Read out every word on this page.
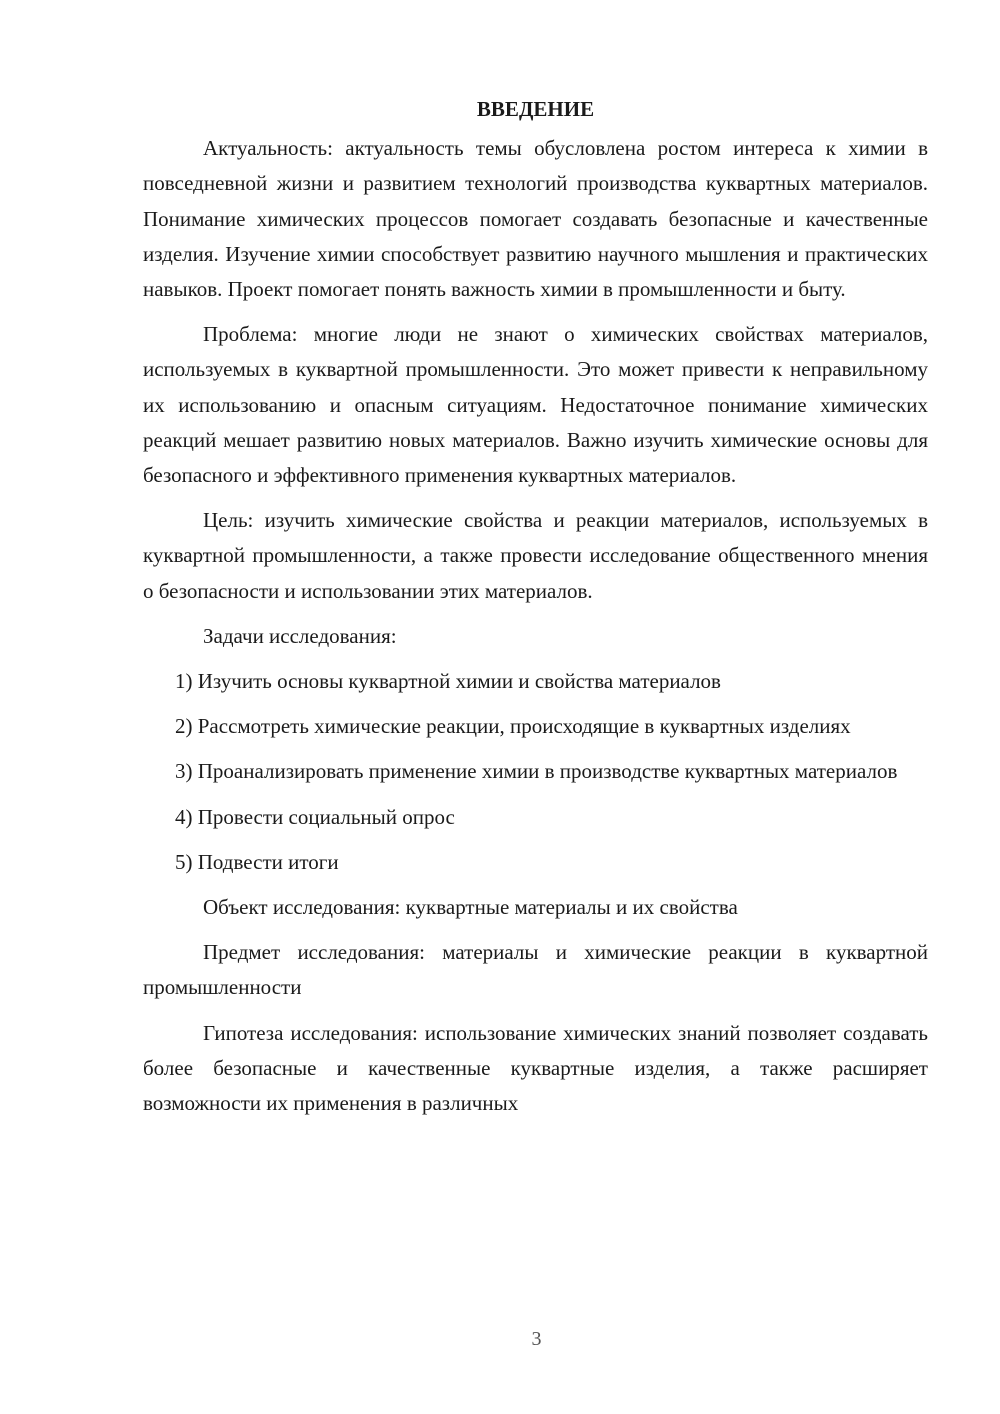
ВВЕДЕНИЕ

Актуальность: актуальность темы обусловлена ростом интереса к химии в повседневной жизни и развитием технологий производства куквартных материалов. Понимание химических процессов помогает создавать безопасные и качественные изделия. Изучение химии способствует развитию научного мышления и практических навыков. Проект помогает понять важность химии в промышленности и быту.

Проблема: многие люди не знают о химических свойствах материалов, используемых в куквартной промышленности. Это может привести к неправильному их использованию и опасным ситуациям. Недостаточное понимание химических реакций мешает развитию новых материалов. Важно изучить химические основы для безопасного и эффективного применения куквартных материалов.

Цель: изучить химические свойства и реакции материалов, используемых в куквартной промышленности, а также провести исследование общественного мнения о безопасности и использовании этих материалов.

Задачи исследования:

1) Изучить основы куквартной химии и свойства материалов

2) Рассмотреть химические реакции, происходящие в куквартных изделиях

3) Проанализировать применение химии в производстве куквартных материалов

4) Провести социальный опрос

5) Подвести итоги

Объект исследования: куквартные материалы и их свойства

Предмет исследования: материалы и химические реакции в куквартной промышленности

Гипотеза исследования: использование химических знаний позволяет создавать более безопасные и качественные куквартные изделия, а также расширяет возможности их применения в различных

3
